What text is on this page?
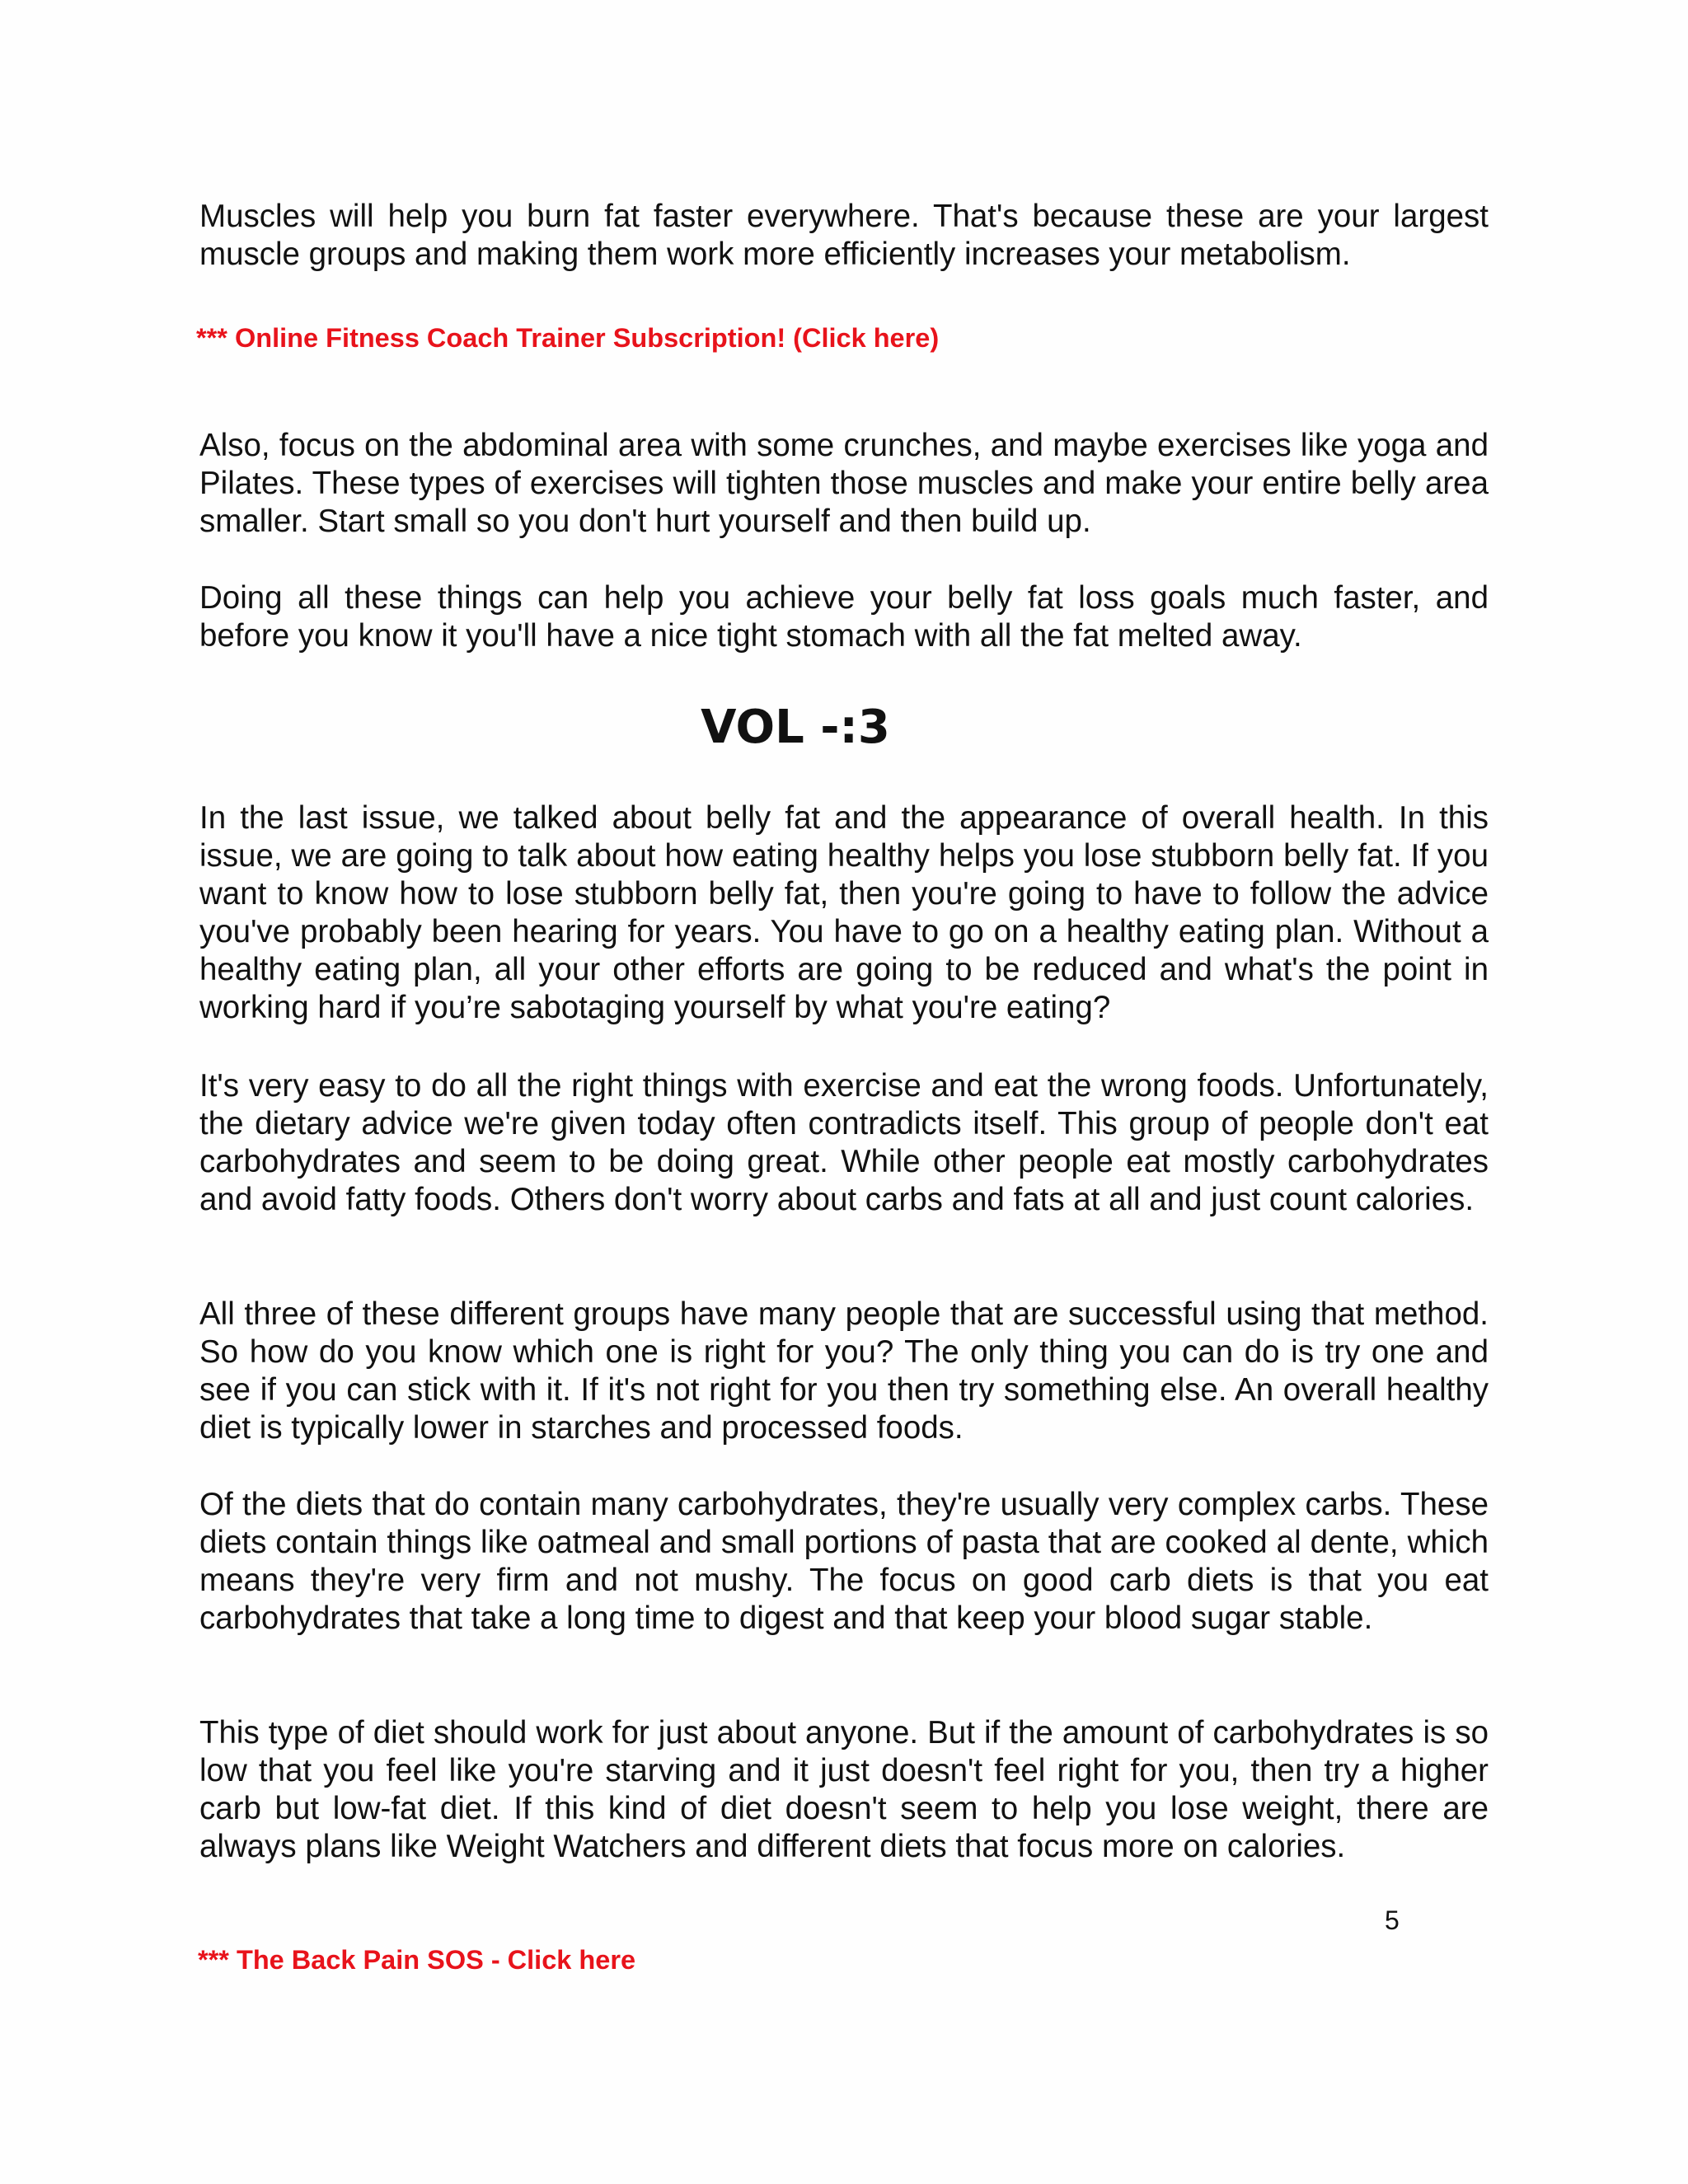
Muscles will help you burn fat faster everywhere. That's because these are your largest muscle groups and making them work more efficiently increases your metabolism.

*** Online Fitness Coach Trainer Subscription! (Click here)

Also, focus on the abdominal area with some crunches, and maybe exercises like yoga and Pilates. These types of exercises will tighten those muscles and make your entire belly area smaller. Start small so you don't hurt yourself and then build up.

Doing all these things can help you achieve your belly fat loss goals much faster, and before you know it you'll have a nice tight stomach with all the fat melted away.

VOL -:3

In the last issue, we talked about belly fat and the appearance of overall health. In this issue, we are going to talk about how eating healthy helps you lose stubborn belly fat. If you want to know how to lose stubborn belly fat, then you're going to have to follow the advice you've probably been hearing for years. You have to go on a healthy eating plan. Without a healthy eating plan, all your other efforts are going to be reduced and what's the point in working hard if you’re sabotaging yourself by what you're eating?

It's very easy to do all the right things with exercise and eat the wrong foods. Unfortunately, the dietary advice we're given today often contradicts itself. This group of people don't eat carbohydrates and seem to be doing great. While other people eat mostly carbohydrates and avoid fatty foods. Others don't worry about carbs and fats at all and just count calories.

All three of these different groups have many people that are successful using that method. So how do you know which one is right for you? The only thing you can do is try one and see if you can stick with it. If it's not right for you then try something else. An overall healthy diet is typically lower in starches and processed foods.

Of the diets that do contain many carbohydrates, they're usually very complex carbs. These diets contain things like oatmeal and small portions of pasta that are cooked al dente, which means they're very firm and not mushy. The focus on good carb diets is that you eat carbohydrates that take a long time to digest and that keep your blood sugar stable.

This type of diet should work for just about anyone. But if the amount of carbohydrates is so low that you feel like you're starving and it just doesn't feel right for you, then try a higher carb but low-fat diet. If this kind of diet doesn't seem to help you lose weight, there are always plans like Weight Watchers and different diets that focus more on calories.

5
*** The Back Pain SOS - Click here
